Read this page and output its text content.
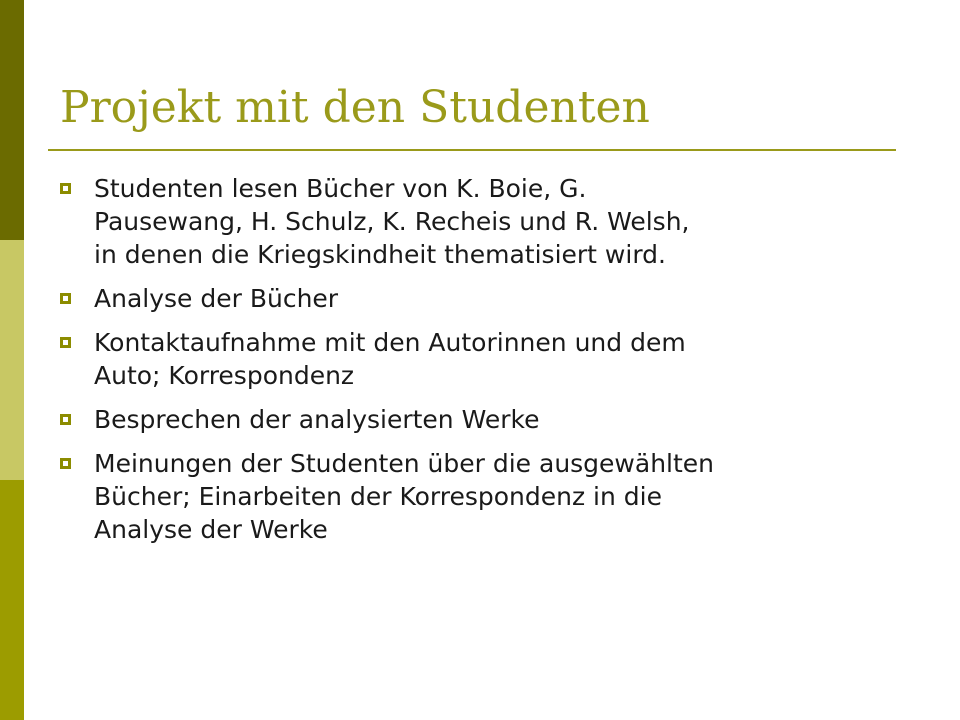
Projekt mit den Studenten
Studenten lesen Bücher von K. Boie, G.
Pausewang, H. Schulz, K. Recheis und R. Welsh,
in denen die Kriegskindheit thematisiert wird.
Analyse der Bücher
Kontaktaufnahme mit den Autorinnen und dem
Auto; Korrespondenz
Besprechen der analysierten Werke
Meinungen der Studenten über die ausgewählten
Bücher; Einarbeiten der Korrespondenz in die
Analyse der Werke
